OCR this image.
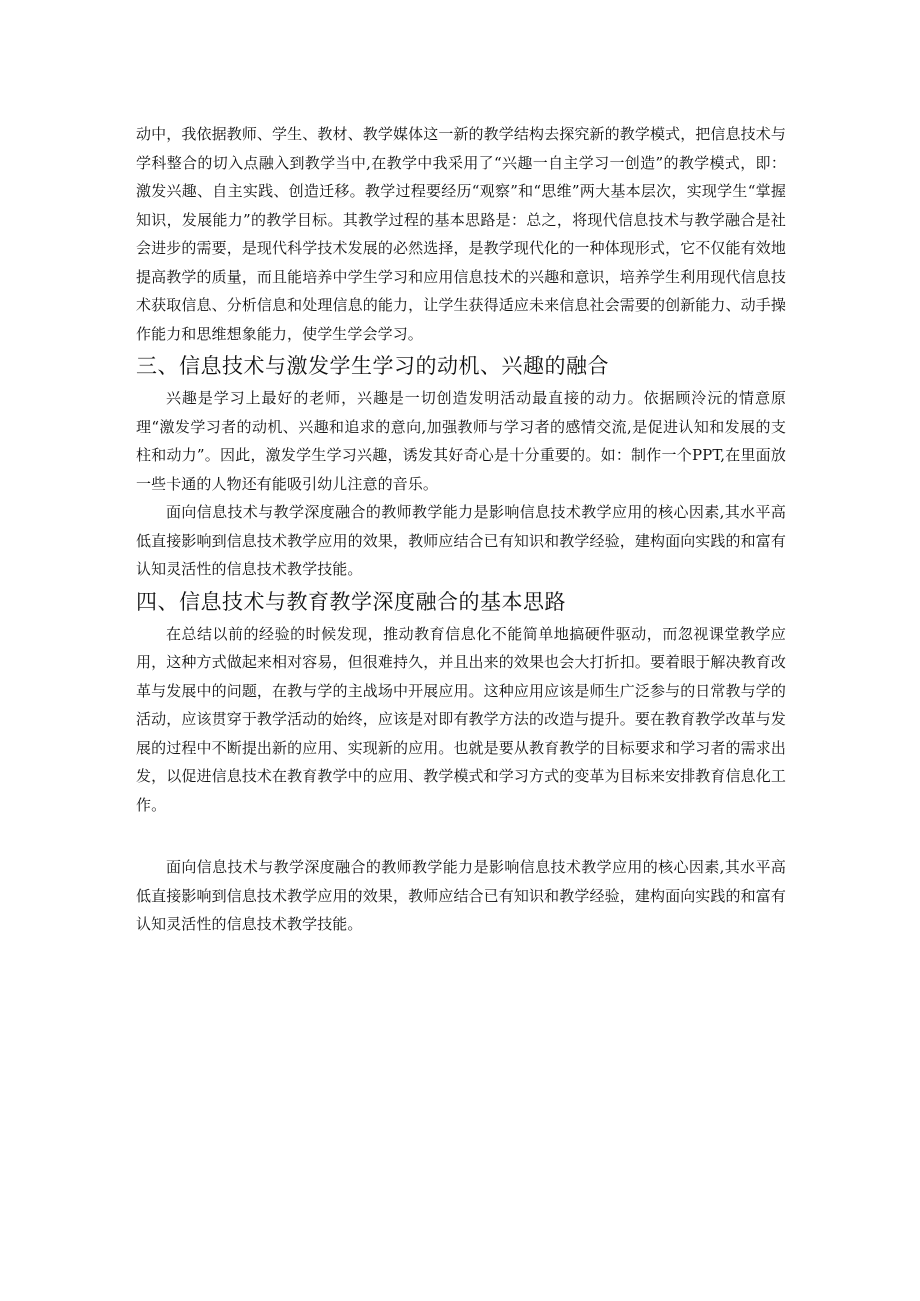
动中，我依据教师、学生、教材、教学媒体这一新的教学结构去探究新的教学模式，把信息技术与学科整合的切入点融入到教学当中,在教学中我采用了“兴趣一自主学习一创造”的教学模式，即：激发兴趣、自主实践、创造迁移。教学过程要经历“观察”和“思维”两大基本层次，实现学生“掌握知识，发展能力”的教学目标。其教学过程的基本思路是：总之，将现代信息技术与教学融合是社会进步的需要，是现代科学技术发展的必然选择，是教学现代化的一种体现形式，它不仅能有效地提高教学的质量，而且能培养中学生学习和应用信息技术的兴趣和意识，培养学生利用现代信息技术获取信息、分析信息和处理信息的能力，让学生获得适应未来信息社会需要的创新能力、动手操作能力和思维想象能力，使学生学会学习。

三、信息技术与激发学生学习的动机、兴趣的融合

兴趣是学习上最好的老师，兴趣是一切创造发明活动最直接的动力。依据顾泠沅的情意原理“激发学习者的动机、兴趣和追求的意向,加强教师与学习者的感情交流,是促进认知和发展的支柱和动力”。因此，激发学生学习兴趣，诱发其好奇心是十分重要的。如：制作一个PPT,在里面放一些卡通的人物还有能吸引幼儿注意的音乐。

面向信息技术与教学深度融合的教师教学能力是影响信息技术教学应用的核心因素,其水平高低直接影响到信息技术教学应用的效果，教师应结合已有知识和教学经验，建构面向实践的和富有认知灵活性的信息技术教学技能。

四、信息技术与教育教学深度融合的基本思路

在总结以前的经验的时候发现，推动教育信息化不能简单地搞硬件驱动，而忽视课堂教学应用，这种方式做起来相对容易，但很难持久，并且出来的效果也会大打折扣。要着眼于解决教育改革与发展中的问题，在教与学的主战场中开展应用。这种应用应该是师生广泛参与的日常教与学的活动，应该贯穿于教学活动的始终，应该是对即有教学方法的改造与提升。要在教育教学改革与发展的过程中不断提出新的应用、实现新的应用。也就是要从教育教学的目标要求和学习者的需求出发，以促进信息技术在教育教学中的应用、教学模式和学习方式的变革为目标来安排教育信息化工作。

面向信息技术与教学深度融合的教师教学能力是影响信息技术教学应用的核心因素,其水平高低直接影响到信息技术教学应用的效果，教师应结合已有知识和教学经验，建构面向实践的和富有认知灵活性的信息技术教学技能。
